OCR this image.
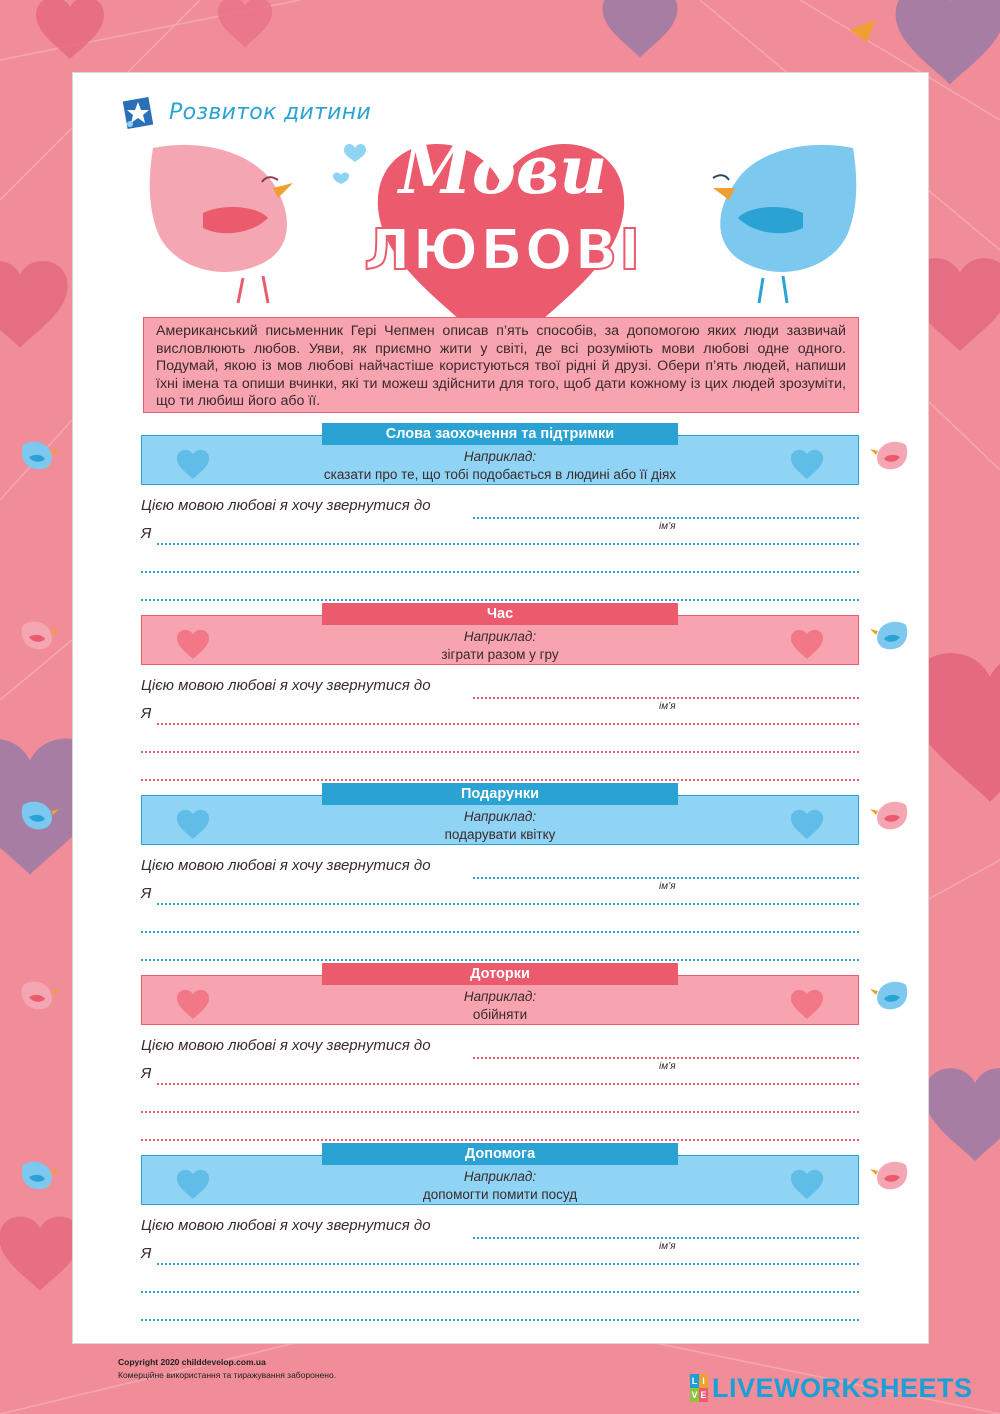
Розвиток дитини
Мови
ЛЮБОВІ
Американський письменник Гері Чепмен описав п’ять способів, за допомогою яких люди зазвичай висловлюють любов. Уяви, як приємно жити у світі, де всі розуміють мови любові одне одного. Подумай, якою із мов любові найчастіше користуються твої рідні й друзі. Обери п’ять людей, напиши їхні імена та опиши вчинки, які ти можеш здійснити для того, щоб дати кожному із цих людей зрозуміти, що ти любиш його або її.
Слова заохочення та підтримки
Наприклад:
сказати про те, що тобі подобається в людині або її діях
Цією мовою любові я хочу звернутися до
ім’я
Я
Час
Наприклад:
зіграти разом у гру
Цією мовою любові я хочу звернутися до
ім’я
Я
Подарунки
Наприклад:
подарувати квітку
Цією мовою любові я хочу звернутися до
ім’я
Я
Доторки
Наприклад:
обійняти
Цією мовою любові я хочу звернутися до
ім’я
Я
Допомога
Наприклад:
допомогти помити посуд
Цією мовою любові я хочу звернутися до
ім’я
Я
Copyright 2020 childdevelop.com.ua
Комерційне використання та тиражування заборонено.
L I
V E LIVEWORKSHEETS
